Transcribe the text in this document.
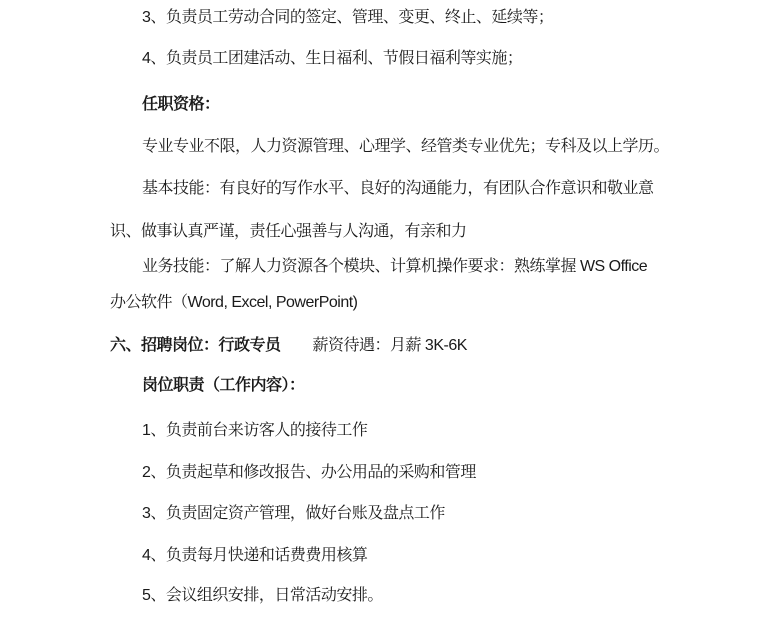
3、负责员工劳动合同的签定、管理、变更、终止、延续等；
4、负责员工团建活动、生日福利、节假日福利等实施；
任职资格：
专业专业不限，人力资源管理、心理学、经管类专业优先；专科及以上学历。
基本技能：有良好的写作水平、良好的沟通能力，有团队合作意识和敬业意
识、做事认真严谨，责任心强善与人沟通，有亲和力
业务技能：了解人力资源各个模块、计算机操作要求：熟练掌握 WS Office
办公软件（Word, Excel, PowerPoint)
六、招聘岗位：行政专员 薪资待遇：月薪 3K-6K
岗位职责（工作内容）：
1、负责前台来访客人的接待工作
2、负责起草和修改报告、办公用品的采购和管理
3、负责固定资产管理，做好台账及盘点工作
4、负责每月快递和话费费用核算
5、会议组织安排，日常活动安排。
